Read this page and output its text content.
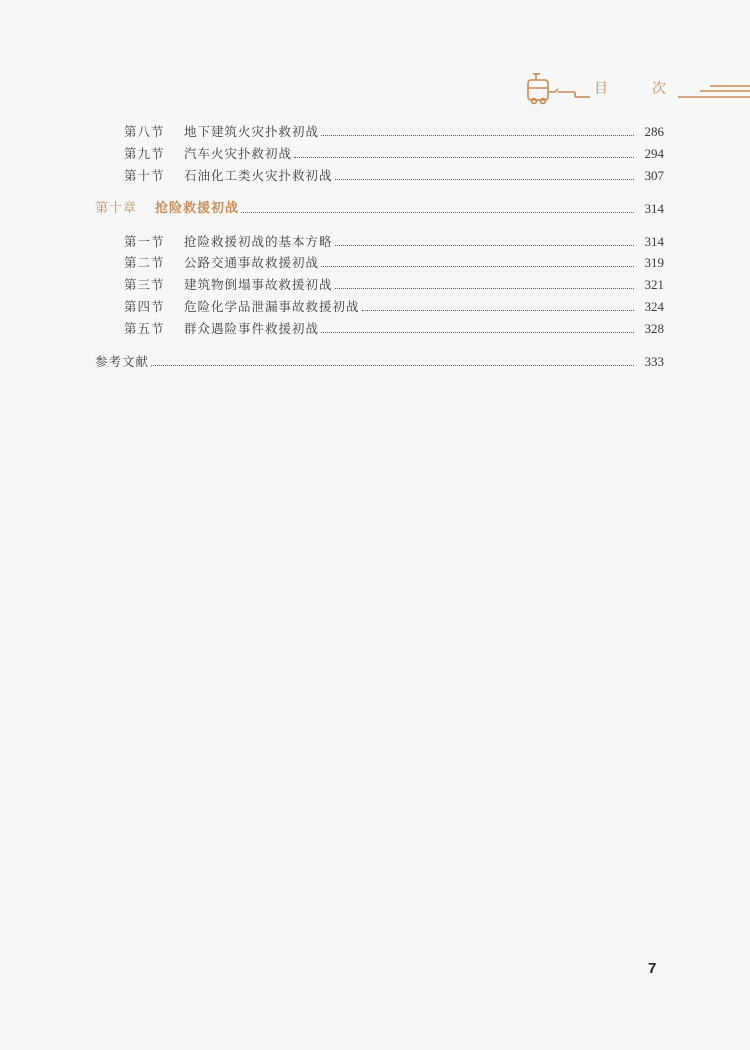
目	次
第八节	地下建筑火灾扑救初战	286
第九节	汽车火灾扑救初战	294
第十节	石油化工类火灾扑救初战	307
第十章	抢险救援初战	314
第一节	抢险救援初战的基本方略	314
第二节	公路交通事故救援初战	319
第三节	建筑物倒塌事故救援初战	321
第四节	危险化学品泄漏事故救援初战	324
第五节	群众遇险事件救援初战	328
参考文献	333
7
